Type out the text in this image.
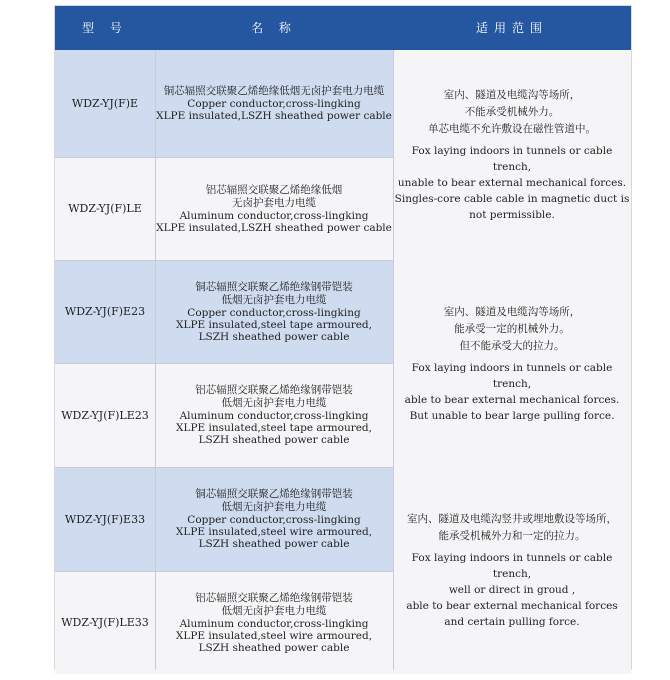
型 号	名 称	适用范围
WDZ-YJ(F)E
铜芯辐照交联聚乙烯绝缘低烟无卤护套电力电缆
Copper conductor,cross-lingking
XLPE insulated,LSZH sheathed power cable
WDZ-YJ(F)LE
铝芯辐照交联聚乙烯绝缘低烟
无卤护套电力电缆
Aluminum conductor,cross-lingking
XLPE insulated,LSZH sheathed power cable
WDZ-YJ(F)E23
铜芯辐照交联聚乙烯绝缘钢带铠装
低烟无卤护套电力电缆
Copper conductor,cross-lingking
XLPE insulated,steel tape armoured,
LSZH sheathed power cable
WDZ-YJ(F)LE23
铝芯辐照交联聚乙烯绝缘钢带铠装
低烟无卤护套电力电缆
Aluminum conductor,cross-lingking
XLPE insulated,steel tape armoured,
LSZH sheathed power cable
WDZ-YJ(F)E33
铜芯辐照交联聚乙烯绝缘钢带铠装
低烟无卤护套电力电缆
Copper conductor,cross-lingking
XLPE insulated,steel wire armoured,
LSZH sheathed power cable
WDZ-YJ(F)LE33
铝芯辐照交联聚乙烯绝缘钢带铠装
低烟无卤护套电力电缆
Aluminum conductor,cross-lingking
XLPE insulated,steel wire armoured,
LSZH sheathed power cable
室内、隧道及电缆沟等场所，
不能承受机械外力。
单芯电缆不允许敷设在磁性管道中。
Fox laying indoors in tunnels or cable trench,
unable to bear external mechanical forces.
Singles-core cable cable in magnetic duct is
not permissible.
室内、隧道及电缆沟等场所，
能承受一定的机械外力。
但不能承受大的拉力。
Fox laying indoors in tunnels or cable trench,
able to bear external mechanical forces.
But unable to bear large pulling force.
室内、隧道及电缆沟竖井或埋地敷设等场所，
能承受机械外力和一定的拉力。
Fox laying indoors in tunnels or cable trench,
well or direct in groud ,
able to bear external mechanical forces
and certain pulling force.
